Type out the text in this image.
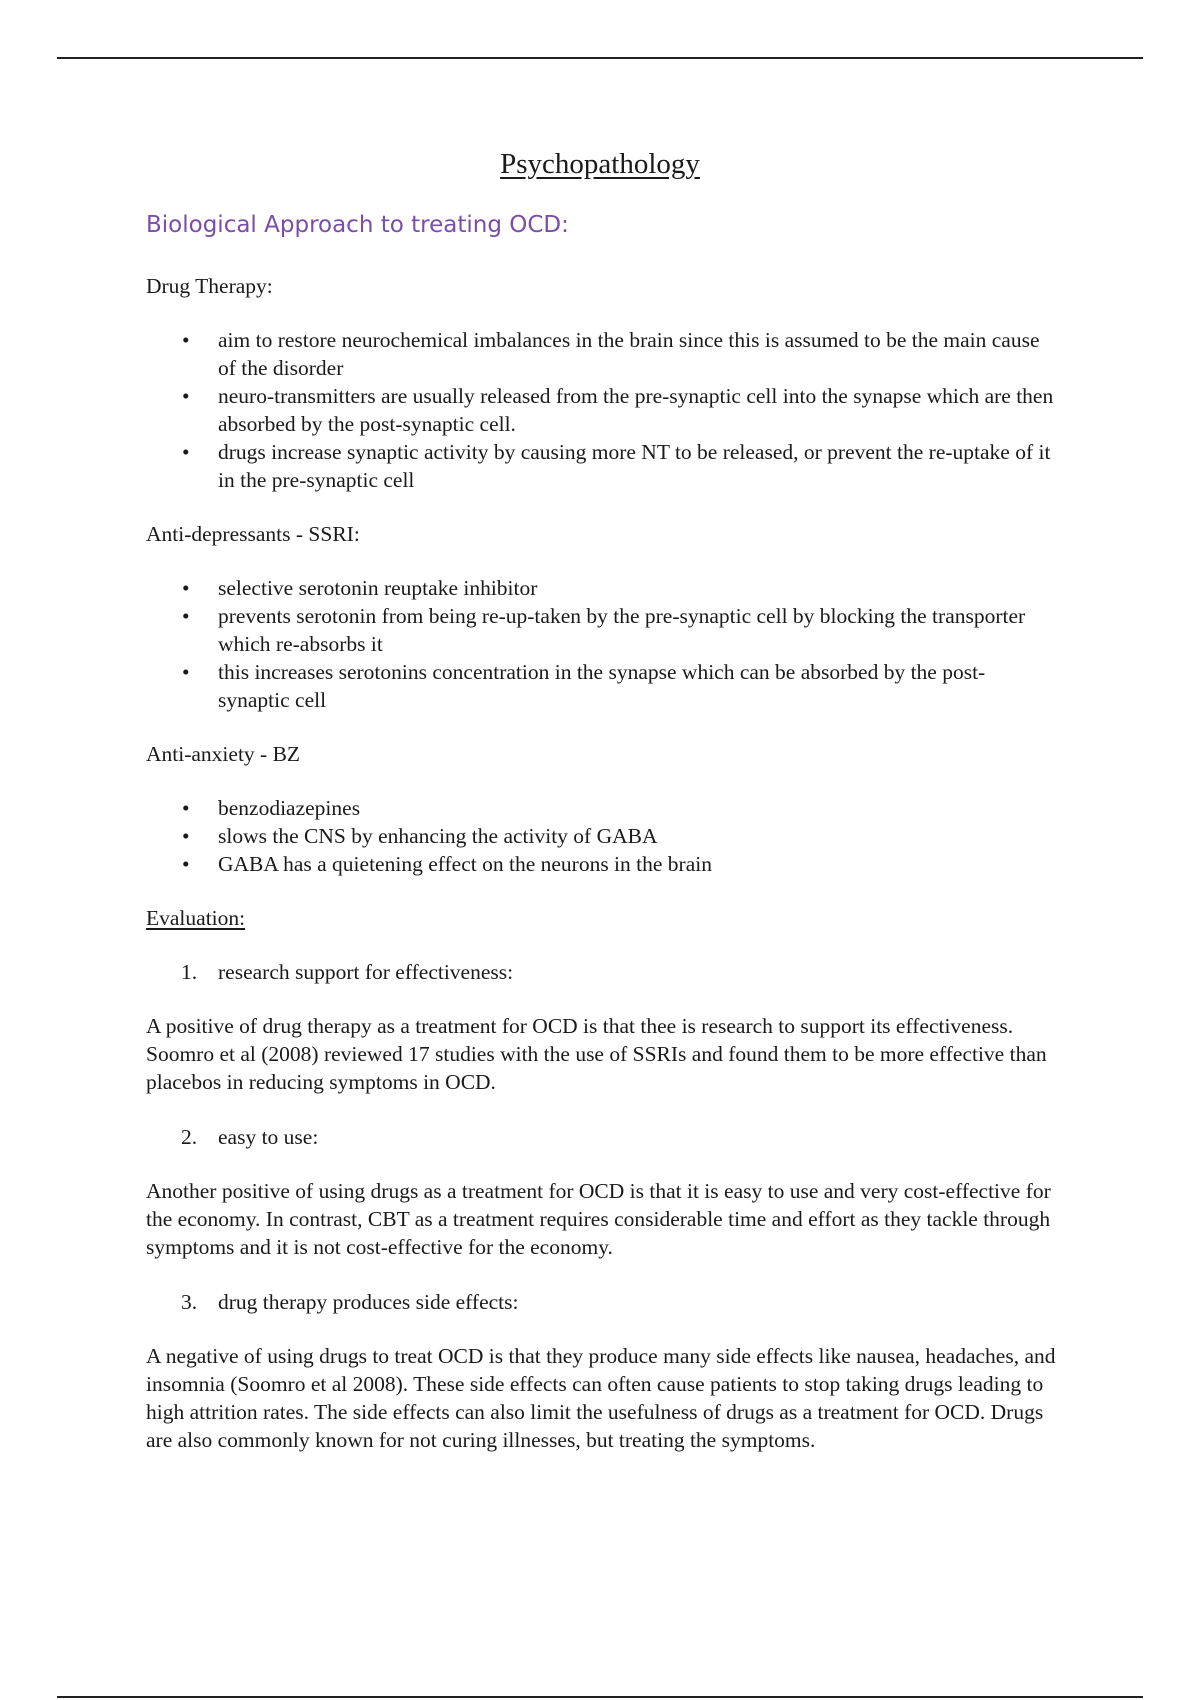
Psychopathology
Biological Approach to treating OCD:

Drug Therapy:

• aim to restore neurochemical imbalances in the brain since this is assumed to be the main cause of the disorder
• neuro-transmitters are usually released from the pre-synaptic cell into the synapse which are then absorbed by the post-synaptic cell.
• drugs increase synaptic activity by causing more NT to be released, or prevent the re-uptake of it in the pre-synaptic cell

Anti-depressants - SSRI:

• selective serotonin reuptake inhibitor
• prevents serotonin from being re-up-taken by the pre-synaptic cell by blocking the transporter which re-absorbs it
• this increases serotonins concentration in the synapse which can be absorbed by the post-synaptic cell

Anti-anxiety - BZ

• benzodiazepines
• slows the CNS by enhancing the activity of GABA
• GABA has a quietening effect on the neurons in the brain

Evaluation:

1. research support for effectiveness:

A positive of drug therapy as a treatment for OCD is that thee is research to support its effectiveness. Soomro et al (2008) reviewed 17 studies with the use of SSRIs and found them to be more effective than placebos in reducing symptoms in OCD.

2. easy to use:

Another positive of using drugs as a treatment for OCD is that it is easy to use and very cost-effective for the economy. In contrast, CBT as a treatment requires considerable time and effort as they tackle through symptoms and it is not cost-effective for the economy.

3. drug therapy produces side effects:

A negative of using drugs to treat OCD is that they produce many side effects like nausea, headaches, and insomnia (Soomro et al 2008). These side effects can often cause patients to stop taking drugs leading to high attrition rates. The side effects can also limit the usefulness of drugs as a treatment for OCD. Drugs are also commonly known for not curing illnesses, but treating the symptoms.
